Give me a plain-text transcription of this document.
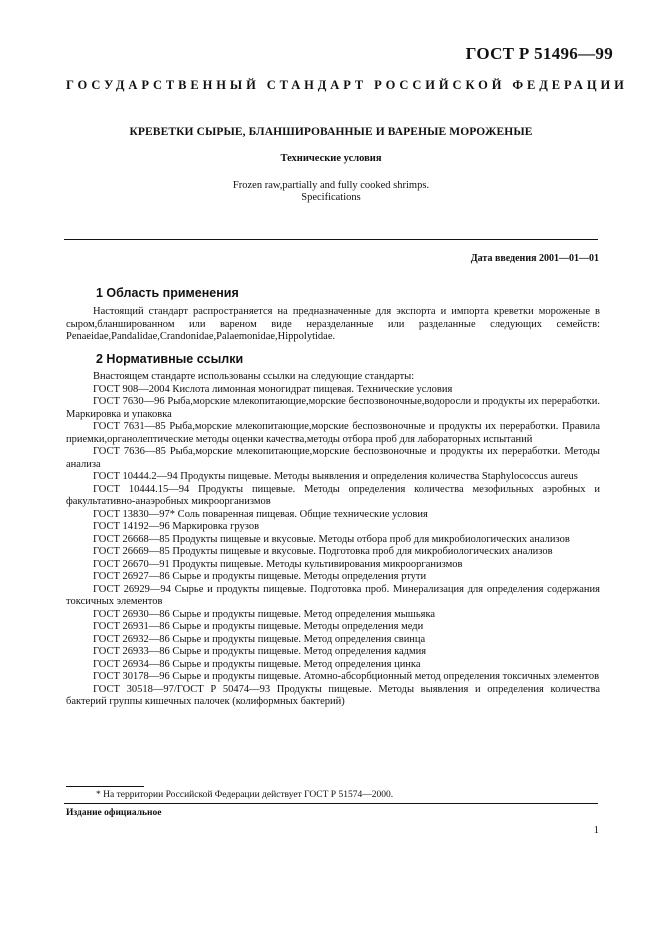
ГОСТ Р 51496—99
ГОСУДАРСТВЕННЫЙ СТАНДАРТ РОССИЙСКОЙ ФЕДЕРАЦИИ
КРЕВЕТКИ СЫРЫЕ, БЛАНШИРОВАННЫЕ И ВАРЕНЫЕ МОРОЖЕНЫЕ
Технические условия
Frozen raw,partially and fully cooked shrimps.
Specifications
Дата введения 2001—01—01
1 Область применения
Настоящий стандарт распространяется на предназначенные для экспорта и импорта креветки мороженые в сыром,бланшированном или вареном виде неразделанные или разделанные следующих семейств: Penaeidae,Pandalidae,Crandonidae,Palaemonidae,Hippolytidae.
2 Нормативные ссылки
Внастоящем стандарте использованы ссылки на следующие стандарты:
ГОСТ 908—2004 Кислота лимонная моногидрат пищевая. Технические условия
ГОСТ 7630—96 Рыба,морские млекопитающие,морские беспозвоночные,водоросли и продукты их переработки. Маркировка и упаковка
ГОСТ 7631—85 Рыба,морские млекопитающие,морские беспозвоночные и продукты их переработки. Правила приемки,органолептические методы оценки качества,методы отбора проб для лабораторных испытаний
ГОСТ 7636—85 Рыба,морские млекопитающие,морские беспозвоночные и продукты их переработки. Методы анализа
ГОСТ 10444.2—94 Продукты пищевые. Методы выявления и определения количества Staphylococcus aureus
ГОСТ 10444.15—94 Продукты пищевые. Методы определения количества мезофильных аэробных и факультативно-анаэробных микроорганизмов
ГОСТ 13830—97* Соль поваренная пищевая. Общие технические условия
ГОСТ 14192—96 Маркировка грузов
ГОСТ 26668—85 Продукты пищевые и вкусовые. Методы отбора проб для микробиологических анализов
ГОСТ 26669—85 Продукты пищевые и вкусовые. Подготовка проб для микробиологических анализов
ГОСТ 26670—91 Продукты пищевые. Методы культивирования микроорганизмов
ГОСТ 26927—86 Сырье и продукты пищевые. Методы определения ртути
ГОСТ 26929—94 Сырье и продукты пищевые. Подготовка проб. Минерализация для определения содержания токсичных элементов
ГОСТ 26930—86 Сырье и продукты пищевые. Метод определения мышьяка
ГОСТ 26931—86 Сырье и продукты пищевые. Методы определения меди
ГОСТ 26932—86 Сырье и продукты пищевые. Метод определения свинца
ГОСТ 26933—86 Сырье и продукты пищевые. Метод определения кадмия
ГОСТ 26934—86 Сырье и продукты пищевые. Метод определения цинка
ГОСТ 30178—96 Сырье и продукты пищевые. Атомно-абсорбционный метод определения токсичных элементов
ГОСТ 30518—97/ГОСТ Р 50474—93 Продукты пищевые. Методы выявления и определения количества бактерий группы кишечных палочек (колиформных бактерий)
* На территории Российской Федерации действует ГОСТ Р 51574—2000.
Издание официальное
1
